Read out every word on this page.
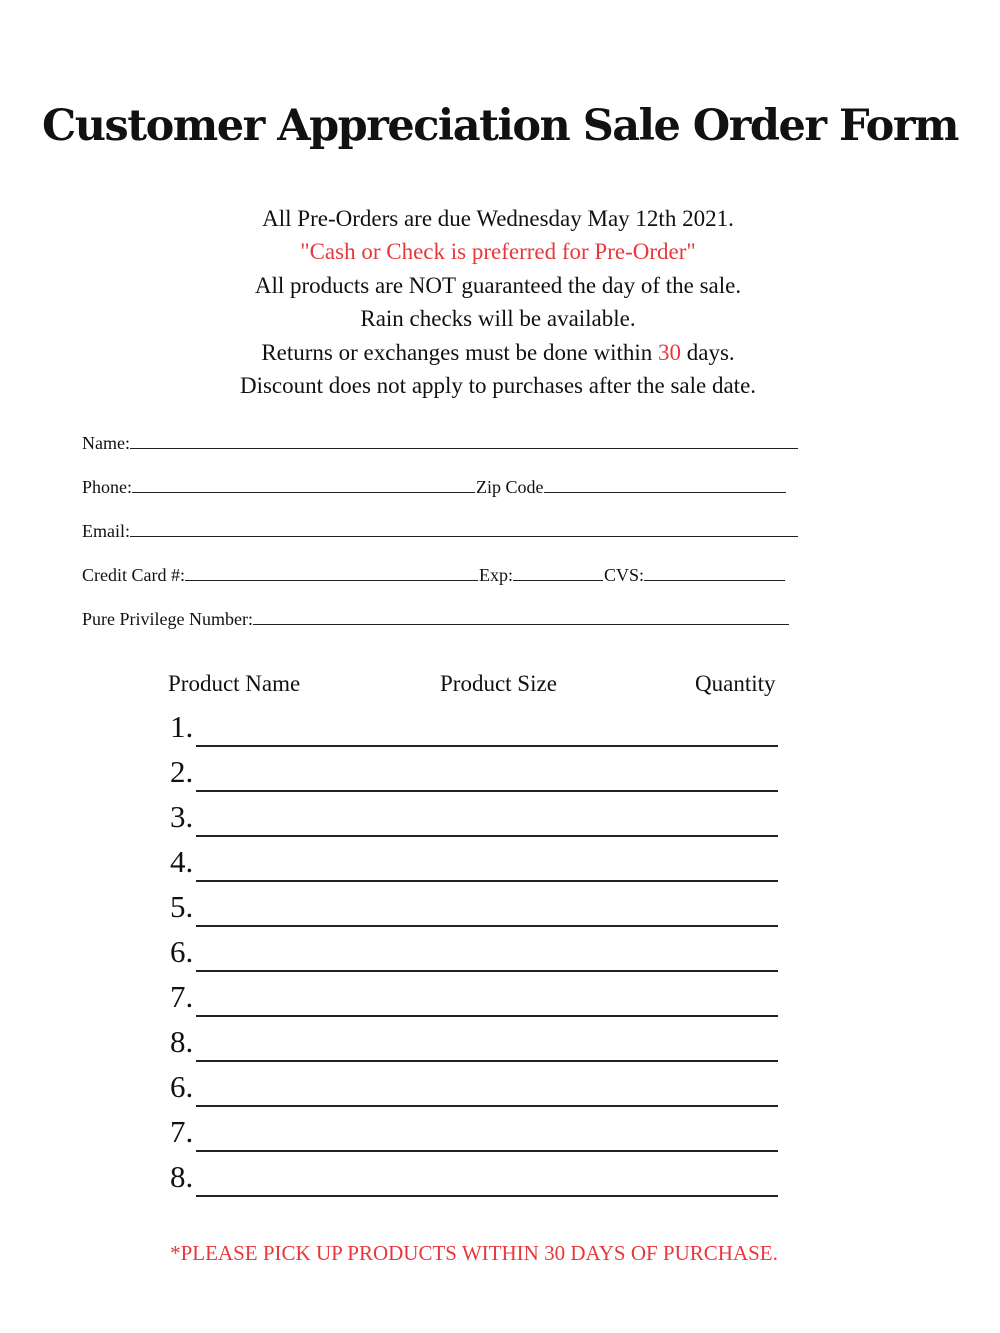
Customer Appreciation Sale Order Form
All Pre-Orders are due Wednesday May 12th 2021.
"Cash or Check is preferred for Pre-Order"
All products are NOT guaranteed the day of the sale.
Rain checks will be available.
Returns or exchanges must be done within 30 days.
Discount does not apply to purchases after the sale date.
Name:
Phone:	Zip Code
Email:
Credit Card #:	Exp:	CVS:
Pure Privilege Number:
Product Name	Product Size	Quantity
1.
2.
3.
4.
5.
6.
7.
8.
6.
7.
8.
*PLEASE PICK UP PRODUCTS WITHIN 30 DAYS OF PURCHASE.
